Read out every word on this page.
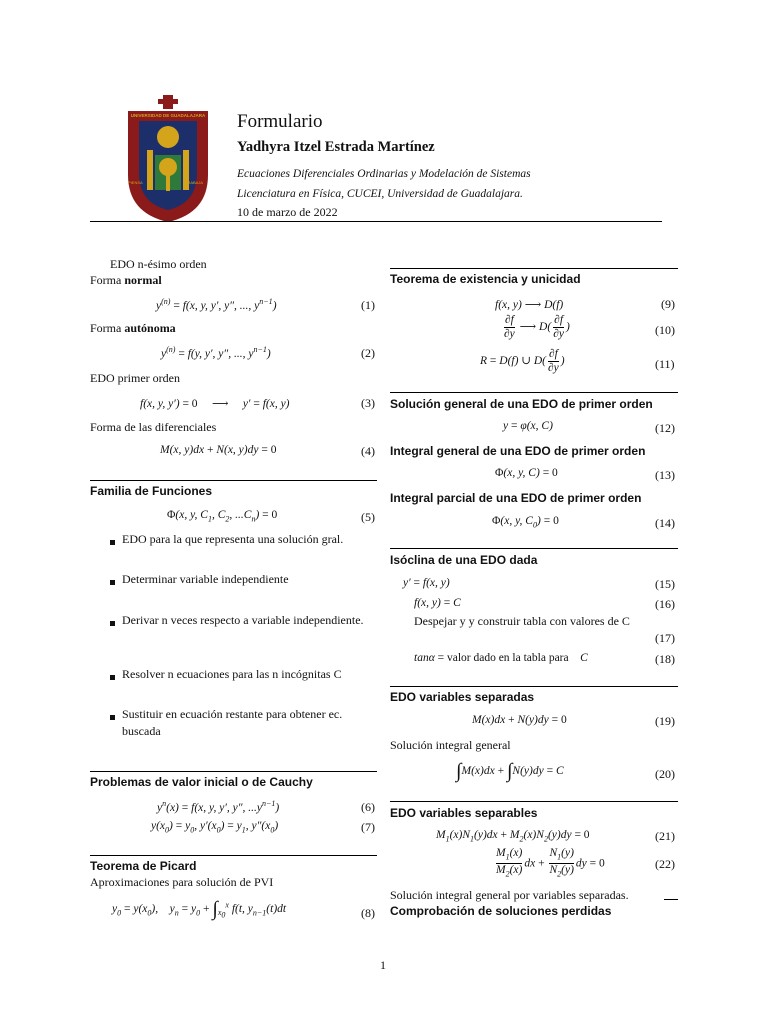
UNIVERSIDAD DE GUADALAJARA
PIENSA	TRABAJA
Formulario
Yadhyra Itzel Estrada Martínez
Ecuaciones Diferenciales Ordinarias y Modelación de Sistemas
Licenciatura en Física, CUCEI, Universidad de Guadalajara.
10 de marzo de 2022
EDO n-ésimo orden
Forma normal
$y^{(n)} = f(x$, y, y′, y″, ..., $y^{n-1}$)	(1)
Forma autónoma
$y^{(n)} = f(y$, y′, y″, ..., $y^{n-1}$)	(2)
EDO primer orden
f(x, y, y′) = 0 ⟶     y′ = f(x, y)	(3)
Forma de las diferenciales
M(x, y)dx + N(x, y)dy = 0	(4)
Familia de Funciones
Φ(x, y, $C_1$, $C_2$, $...C_n) = 0$	(5)
EDO para la que representa una solución gral.
Determinar variable independiente
Derivar n veces respecto a variable independiente.
Resolver n ecuaciones para las n incógnitas C
Sustituir en ecuación restante para obtener ec. buscada
Problemas de valor inicial o de Cauchy
$y^n(x) = f(x$, y, y′, y″, $...y^{n-1}$)	(6)
$y(x_0) = y_0$, $y'(x_0) = y_1$, $y''(x_0)$	(7)
Teorema de Picard
Aproximaciones para solución de PVI
$y_0 = y(x_0)$,    $y_n = y_0 + \int_{x_0}^x$ f(t, $y_{n-1}(t)dt$	(8)
Teorema de existencia y unicidad
f(x, y) ⟶ D(f)	(9)
$\frac{\partial f}{\partial y}$ ⟶ $D( \frac{\partial f}{\partial y}$ )	(10)
R = D(f) ∪ $D( \frac{\partial f}{\partial y}$ )	(11)
Solución general de una EDO de primer orden
y = φ(x, C)	(12)
Integral general de una EDO de primer orden
Φ(x, y, C) = 0	(13)
Integral parcial de una EDO de primer orden
Φ(x, y, $C_0) = 0$	(14)
Isóclina de una EDO dada
y′ = f(x, y)	(15)
f(x, y) = C	(16)
Despejar y y construir tabla con valores de C
(17)
tanα = valor dado en la tabla para    C	(18)
EDO variables separadas
M(x)dx + N(y)dy = 0	(19)
Solución integral general
∫M(x)dx + ∫N(y)dy = C	(20)
EDO variables separables
$M_1(x)N_1(y)dx + M_2(x)N_2(y)dy = 0$	(21)
$\frac{M_1(x)}{M_2(x)}$ dx + $\frac{N_1(y)}{N_2(y)}$ dy = 0	(22)
Solución integral general por variables separadas.
Comprobación de soluciones perdidas
1
